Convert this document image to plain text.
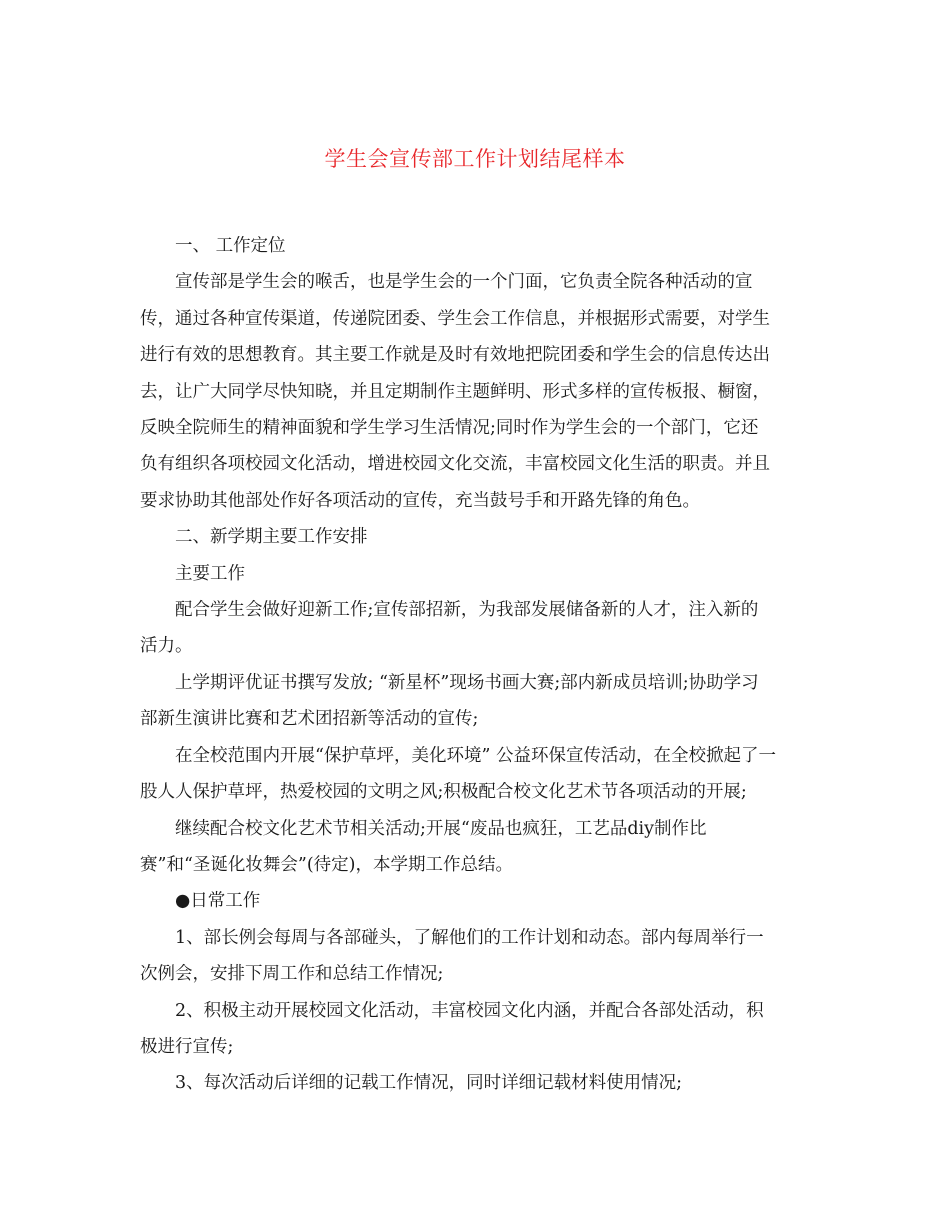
学生会宣传部工作计划结尾样本

一、 工作定位

宣传部是学生会的喉舌，也是学生会的一个门面，它负责全院各种活动的宣
传，通过各种宣传渠道，传递院团委、学生会工作信息，并根据形式需要，对学生
进行有效的思想教育。其主要工作就是及时有效地把院团委和学生会的信息传达出
去，让广大同学尽快知晓，并且定期制作主题鲜明、形式多样的宣传板报、橱窗，
反映全院师生的精神面貌和学生学习生活情况;同时作为学生会的一个部门，它还
负有组织各项校园文化活动，增进校园文化交流，丰富校园文化生活的职责。并且
要求协助其他部处作好各项活动的宣传，充当鼓号手和开路先锋的角色。

二、新学期主要工作安排

主要工作

配合学生会做好迎新工作;宣传部招新，为我部发展储备新的人才，注入新的
活力。

上学期评优证书撰写发放; “新星杯”现场书画大赛;部内新成员培训;协助学习
部新生演讲比赛和艺术团招新等活动的宣传;

在全校范围内开展“保护草坪，美化环境” 公益环保宣传活动，在全校掀起了一
股人人保护草坪，热爱校园的文明之风;积极配合校文化艺术节各项活动的开展;

继续配合校文化艺术节相关活动;开展“废品也疯狂，工艺品diy制作比
赛”和“圣诞化妆舞会”(待定)，本学期工作总结。

●日常工作

1、部长例会每周与各部碰头，了解他们的工作计划和动态。部内每周举行一
次例会，安排下周工作和总结工作情况;

2、积极主动开展校园文化活动，丰富校园文化内涵，并配合各部处活动，积
极进行宣传;

3、每次活动后详细的记载工作情况，同时详细记载材料使用情况;
